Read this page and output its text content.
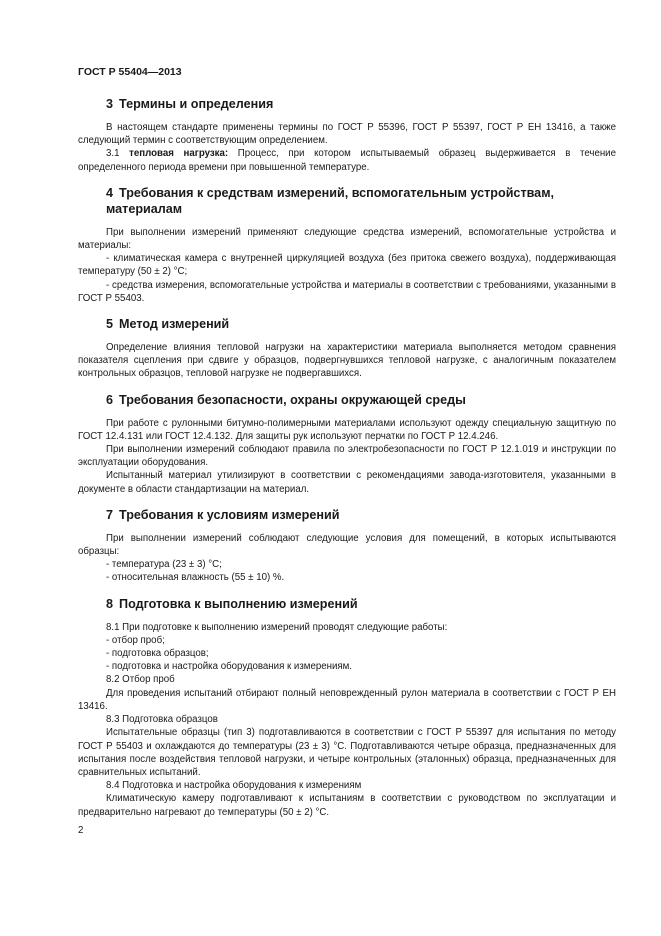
ГОСТ Р 55404—2013
3 Термины и определения

В настоящем стандарте применены термины по ГОСТ Р 55396, ГОСТ Р 55397, ГОСТ Р ЕН 13416, а также следующий термин с соответствующим определением.

3.1 тепловая нагрузка: Процесс, при котором испытываемый образец выдерживается в течение определенного периода времени при повышенной температуре.

4 Требования к средствам измерений, вспомогательным устройствам, материалам

При выполнении измерений применяют следующие средства измерений, вспомогательные устройства и материалы:

- климатическая камера с внутренней циркуляцией воздуха (без притока свежего воздуха), поддерживающая температуру (50 ± 2) °С;

- средства измерения, вспомогательные устройства и материалы в соответствии с требованиями, указанными в ГОСТ Р 55403.

5 Метод измерений

Определение влияния тепловой нагрузки на характеристики материала выполняется методом сравнения показателя сцепления при сдвиге у образцов, подвергнувшихся тепловой нагрузке, с аналогичным показателем контрольных образцов, тепловой нагрузке не подвергавшихся.

6 Требования безопасности, охраны окружающей среды

При работе с рулонными битумно-полимерными материалами используют одежду специальную защитную по ГОСТ 12.4.131 или ГОСТ 12.4.132. Для защиты рук используют перчатки по ГОСТ Р 12.4.246.

При выполнении измерений соблюдают правила по электробезопасности по ГОСТ Р 12.1.019 и инструкции по эксплуатации оборудования.

Испытанный материал утилизируют в соответствии с рекомендациями завода-изготовителя, указанными в документе в области стандартизации на материал.

7 Требования к условиям измерений

При выполнении измерений соблюдают следующие условия для помещений, в которых испытываются образцы:

- температура (23 ± 3) °С;

- относительная влажность (55 ± 10) %.

8 Подготовка к выполнению измерений

8.1 При подготовке к выполнению измерений проводят следующие работы:

- отбор проб;

- подготовка образцов;

- подготовка и настройка оборудования к измерениям.

8.2 Отбор проб

Для проведения испытаний отбирают полный неповрежденный рулон материала в соответствии с ГОСТ Р ЕН 13416.

8.3 Подготовка образцов

Испытательные образцы (тип 3) подготавливаются в соответствии с ГОСТ Р 55397 для испытания по методу ГОСТ Р 55403 и охлаждаются до температуры (23 ± 3) °С. Подготавливаются четыре образца, предназначенных для испытания после воздействия тепловой нагрузки, и четыре контрольных (эталонных) образца, предназначенных для сравнительных испытаний.

8.4 Подготовка и настройка оборудования к измерениям

Климатическую камеру подготавливают к испытаниям в соответствии с руководством по эксплуатации и предварительно нагревают до температуры (50 ± 2) °С.

2
